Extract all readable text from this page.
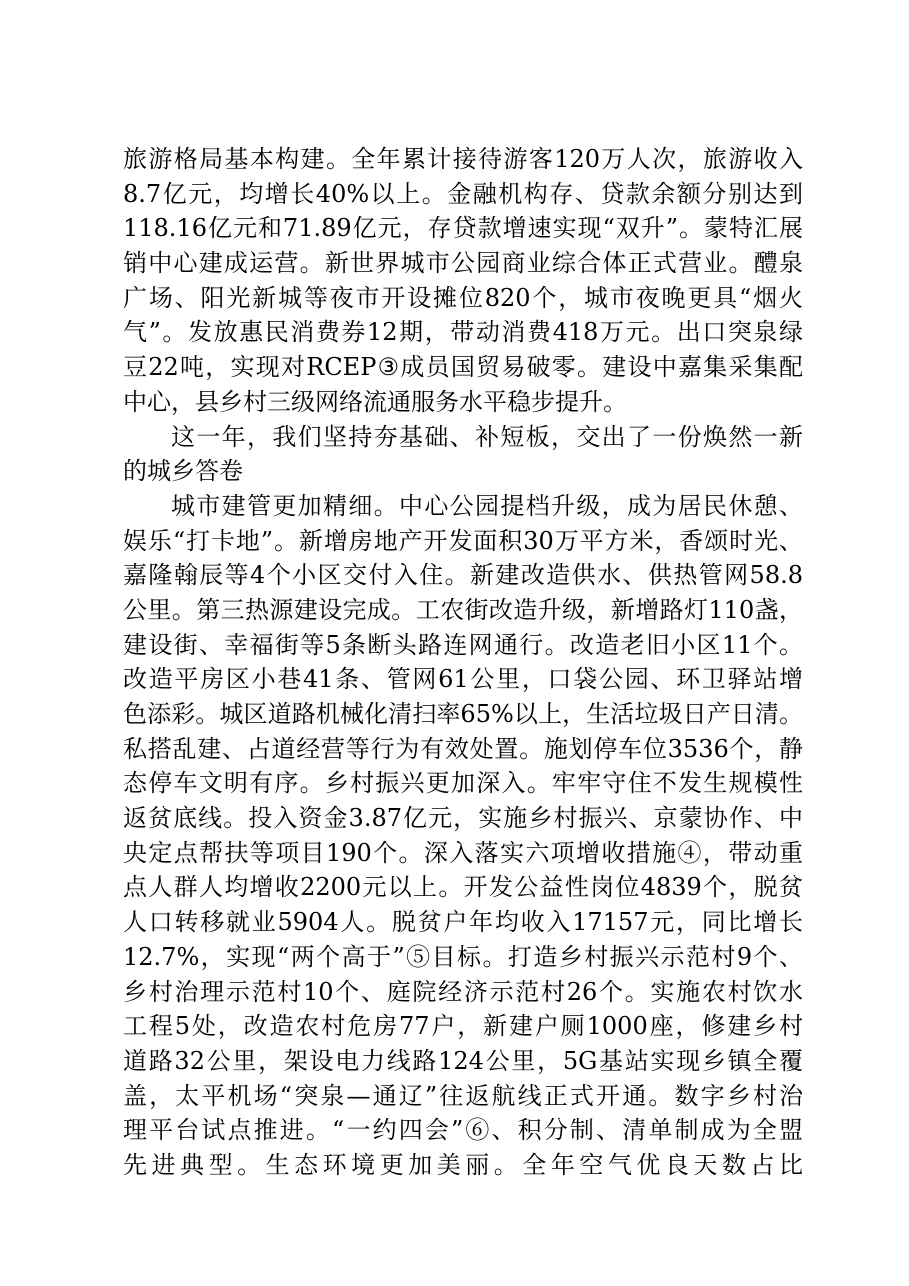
旅游格局基本构建。全年累计接待游客120万人次，旅游收入
8.7亿元，均增长40%以上。金融机构存、贷款余额分别达到
118.16亿元和71.89亿元，存贷款增速实现“双升”。蒙特汇展
销中心建成运营。新世界城市公园商业综合体正式营业。醴泉
广场、阳光新城等夜市开设摊位820个，城市夜晚更具“烟火
气”。发放惠民消费券12期，带动消费418万元。出口突泉绿
豆22吨，实现对RCEP③成员国贸易破零。建设中嘉集采集配
中心，县乡村三级网络流通服务水平稳步提升。
这一年，我们坚持夯基础、补短板，交出了一份焕然一新
的城乡答卷
城市建管更加精细。中心公园提档升级，成为居民休憩、
娱乐“打卡地”。新增房地产开发面积30万平方米，香颂时光、
嘉隆翰辰等4个小区交付入住。新建改造供水、供热管网58.8
公里。第三热源建设完成。工农街改造升级，新增路灯110盏，
建设街、幸福街等5条断头路连网通行。改造老旧小区11个。
改造平房区小巷41条、管网61公里，口袋公园、环卫驿站增
色添彩。城区道路机械化清扫率65%以上，生活垃圾日产日清。
私搭乱建、占道经营等行为有效处置。施划停车位3536个，静
态停车文明有序。乡村振兴更加深入。牢牢守住不发生规模性
返贫底线。投入资金3.87亿元，实施乡村振兴、京蒙协作、中
央定点帮扶等项目190个。深入落实六项增收措施④，带动重
点人群人均增收2200元以上。开发公益性岗位4839个，脱贫
人口转移就业5904人。脱贫户年均收入17157元，同比增长
12.7%，实现“两个高于”⑤目标。打造乡村振兴示范村9个、
乡村治理示范村10个、庭院经济示范村26个。实施农村饮水
工程5处，改造农村危房77户，新建户厕1000座，修建乡村
道路32公里，架设电力线路124公里，5G基站实现乡镇全覆
盖，太平机场“突泉—通辽”往返航线正式开通。数字乡村治
理平台试点推进。“一约四会”⑥、积分制、清单制成为全盟
先进典型。生态环境更加美丽。全年空气优良天数占比
